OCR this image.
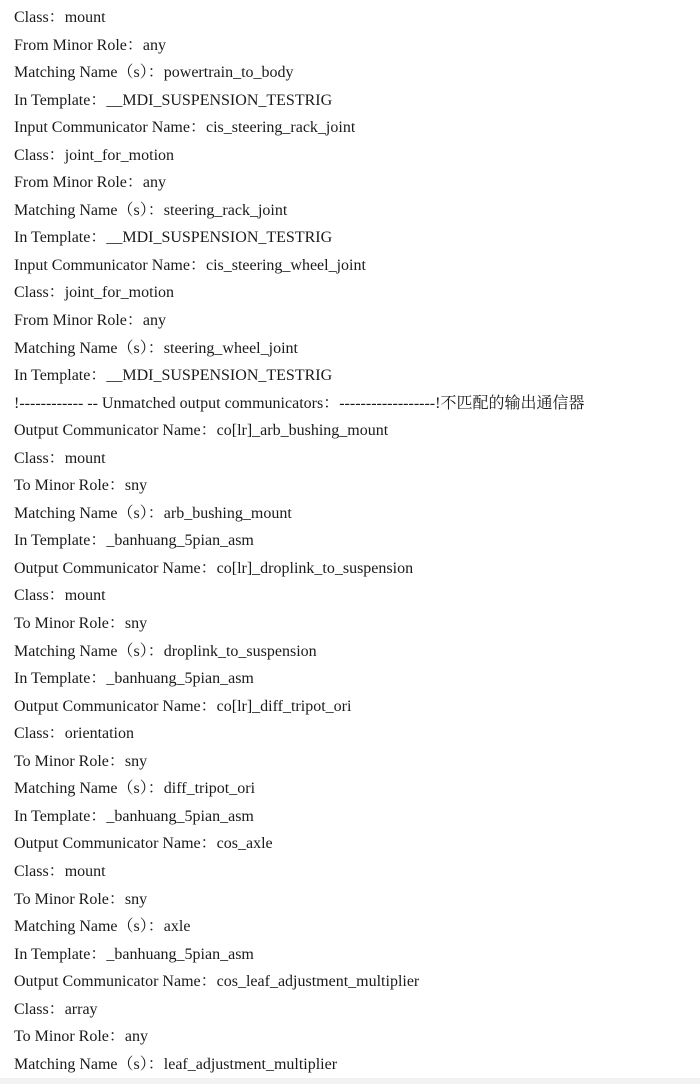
Class：mount
From Minor Role：any
Matching Name（s）：powertrain_to_body
In Template：__MDI_SUSPENSION_TESTRIG
Input Communicator Name：cis_steering_rack_joint
Class：joint_for_motion
From Minor Role：any
Matching Name（s）：steering_rack_joint
In Template：__MDI_SUSPENSION_TESTRIG
Input Communicator Name：cis_steering_wheel_joint
Class：joint_for_motion
From Minor Role：any
Matching Name（s）：steering_wheel_joint
In Template：__MDI_SUSPENSION_TESTRIG
!------------ -- Unmatched output communicators：------------------!不匹配的输出通信器
Output Communicator Name：co[lr]_arb_bushing_mount
Class：mount
To Minor Role：sny
Matching Name（s）：arb_bushing_mount
In Template：_banhuang_5pian_asm
Output Communicator Name：co[lr]_droplink_to_suspension
Class：mount
To Minor Role：sny
Matching Name（s）：droplink_to_suspension
In Template：_banhuang_5pian_asm
Output Communicator Name：co[lr]_diff_tripot_ori
Class：orientation
To Minor Role：sny
Matching Name（s）：diff_tripot_ori
In Template：_banhuang_5pian_asm
Output Communicator Name：cos_axle
Class：mount
To Minor Role：sny
Matching Name（s）：axle
In Template：_banhuang_5pian_asm
Output Communicator Name：cos_leaf_adjustment_multiplier
Class：array
To Minor Role：any
Matching Name（s）：leaf_adjustment_multiplier
